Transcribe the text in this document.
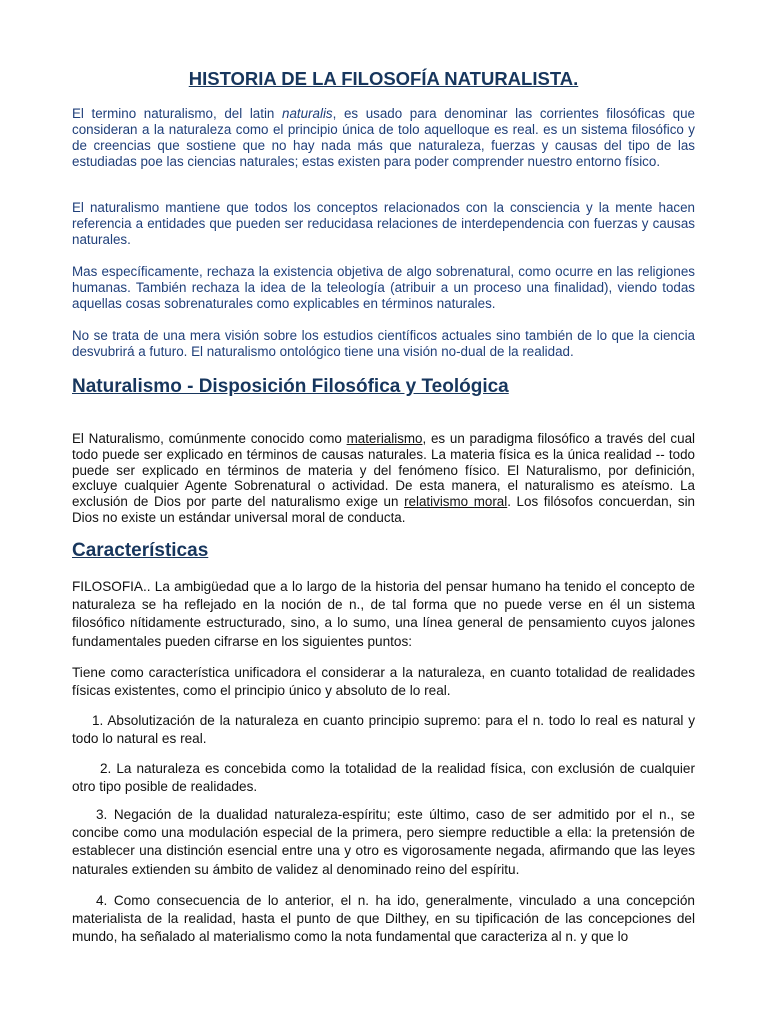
HISTORIA DE LA FILOSOFÍA NATURALISTA.

El termino naturalismo, del latin naturalis, es usado para denominar las corrientes filosóficas que consideran a la naturaleza como el principio única de tolo aquelloque es real. es un sistema filosófico y de creencias que sostiene que no hay nada más que naturaleza, fuerzas y causas del tipo de las estudiadas poe las ciencias naturales; estas existen para poder comprender nuestro entorno físico.

El naturalismo mantiene que todos los conceptos relacionados con la consciencia y la mente hacen referencia a entidades que pueden ser reducidasa relaciones de interdependencia con fuerzas y causas naturales.

Mas específicamente, rechaza la existencia objetiva de algo sobrenatural, como ocurre en las religiones humanas. También rechaza la idea de la teleología (atribuir a un proceso una finalidad), viendo todas aquellas cosas sobrenaturales como explicables en términos naturales.

No se trata de una mera visión sobre los estudios científicos actuales sino también de lo que la ciencia desvubrirá a futuro. El naturalismo ontológico tiene una visión no-dual de la realidad.

Naturalismo - Disposición Filosófica y Teológica

El Naturalismo, comúnmente conocido como materialismo, es un paradigma filosófico a través del cual todo puede ser explicado en términos de causas naturales. La materia física es la única realidad -- todo puede ser explicado en términos de materia y del fenómeno físico. El Naturalismo, por definición, excluye cualquier Agente Sobrenatural o actividad. De esta manera, el naturalismo es ateísmo. La exclusión de Dios por parte del naturalismo exige un relativismo moral. Los filósofos concuerdan, sin Dios no existe un estándar universal moral de conducta.

Características

FILOSOFIA.. La ambigüedad que a lo largo de la historia del pensar humano ha tenido el concepto de naturaleza se ha reflejado en la noción de n., de tal forma que no puede verse en él un sistema filosófico nítidamente estructurado, sino, a lo sumo, una línea general de pensamiento cuyos jalones fundamentales pueden cifrarse en los siguientes puntos:

Tiene como característica unificadora el considerar a la naturaleza, en cuanto totalidad de realidades físicas existentes, como el principio único y absoluto de lo real.

1. Absolutización de la naturaleza en cuanto principio supremo: para el n. todo lo real es natural y todo lo natural es real.

2. La naturaleza es concebida como la totalidad de la realidad física, con exclusión de cualquier otro tipo posible de realidades.

3. Negación de la dualidad naturaleza-espíritu; este último, caso de ser admitido por el n., se concibe como una modulación especial de la primera, pero siempre reductible a ella: la pretensión de establecer una distinción esencial entre una y otro es vigorosamente negada, afirmando que las leyes naturales extienden su ámbito de validez al denominado reino del espíritu.

4. Como consecuencia de lo anterior, el n. ha ido, generalmente, vinculado a una concepción materialista de la realidad, hasta el punto de que Dilthey, en su tipificación de las concepciones del mundo, ha señalado al materialismo como la nota fundamental que caracteriza al n. y que lo
